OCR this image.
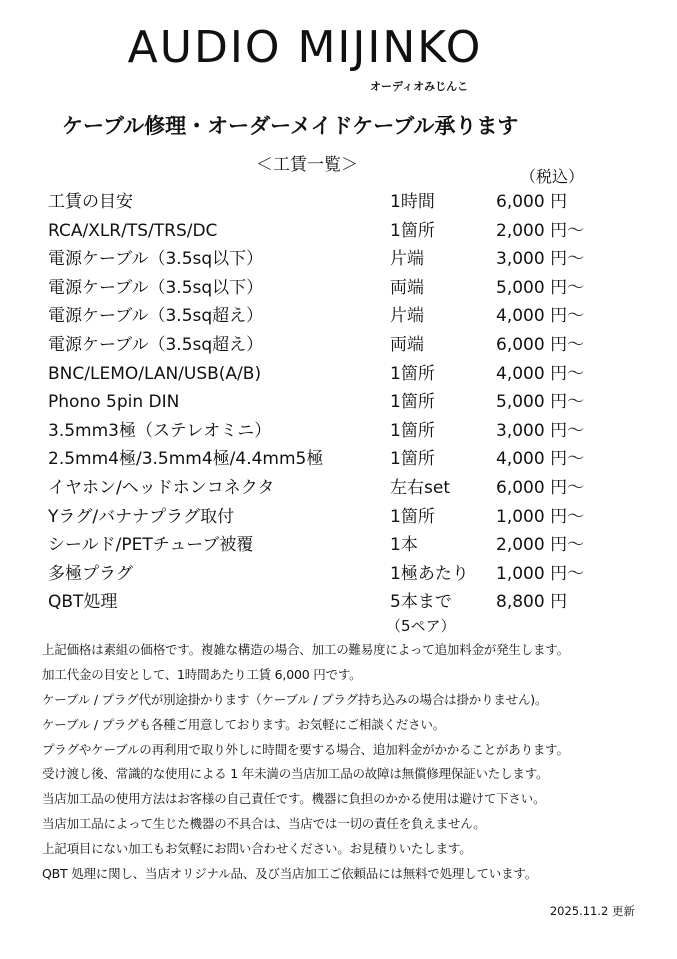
AUDIO MIJINKO
オーディオみじんこ
ケーブル修理・オーダーメイドケーブル承ります
＜工賃一覧＞
（税込）
工賃の目安	1時間	6,000 円
RCA/XLR/TS/TRS/DC	1箇所	2,000 円～
電源ケーブル（3.5sq以下）	片端	3,000 円～
電源ケーブル（3.5sq以下）	両端	5,000 円～
電源ケーブル（3.5sq超え）	片端	4,000 円～
電源ケーブル（3.5sq超え）	両端	6,000 円～
BNC/LEMO/LAN/USB(A/B)	1箇所	4,000 円～
Phono 5pin DIN	1箇所	5,000 円～
3.5mm3極（ステレオミニ）	1箇所	3,000 円～
2.5mm4極/3.5mm4極/4.4mm5極	1箇所	4,000 円～
イヤホン/ヘッドホンコネクタ	左右set	6,000 円～
Yラグ/バナナプラグ取付	1箇所	1,000 円～
シールド/PETチューブ被覆	1本	2,000 円～
多極プラグ	1極あたり 1,000 円～
QBT処理	5本まで	8,800 円
（5ペア）
上記価格は素組の価格です。複雑な構造の場合、加工の難易度によって追加料金が発生します。
加工代金の目安として、1時間あたり工賃 6,000 円です。
ケーブル / プラグ代が別途掛かります（ケーブル / プラグ持ち込みの場合は掛かりません)。
ケーブル / プラグも各種ご用意しております。お気軽にご相談ください。
プラグやケーブルの再利用で取り外しに時間を要する場合、追加料金がかかることがあります。
受け渡し後、常識的な使用による 1 年未満の当店加工品の故障は無償修理保証いたします。
当店加工品の使用方法はお客様の自己責任です。機器に負担のかかる使用は避けて下さい。
当店加工品によって生じた機器の不具合は、当店では一切の責任を負えません。
上記項目にない加工もお気軽にお問い合わせください。お見積りいたします。
QBT 処理に関し、当店オリジナル品、及び当店加工ご依頼品には無料で処理しています。
2025.11.2 更新
